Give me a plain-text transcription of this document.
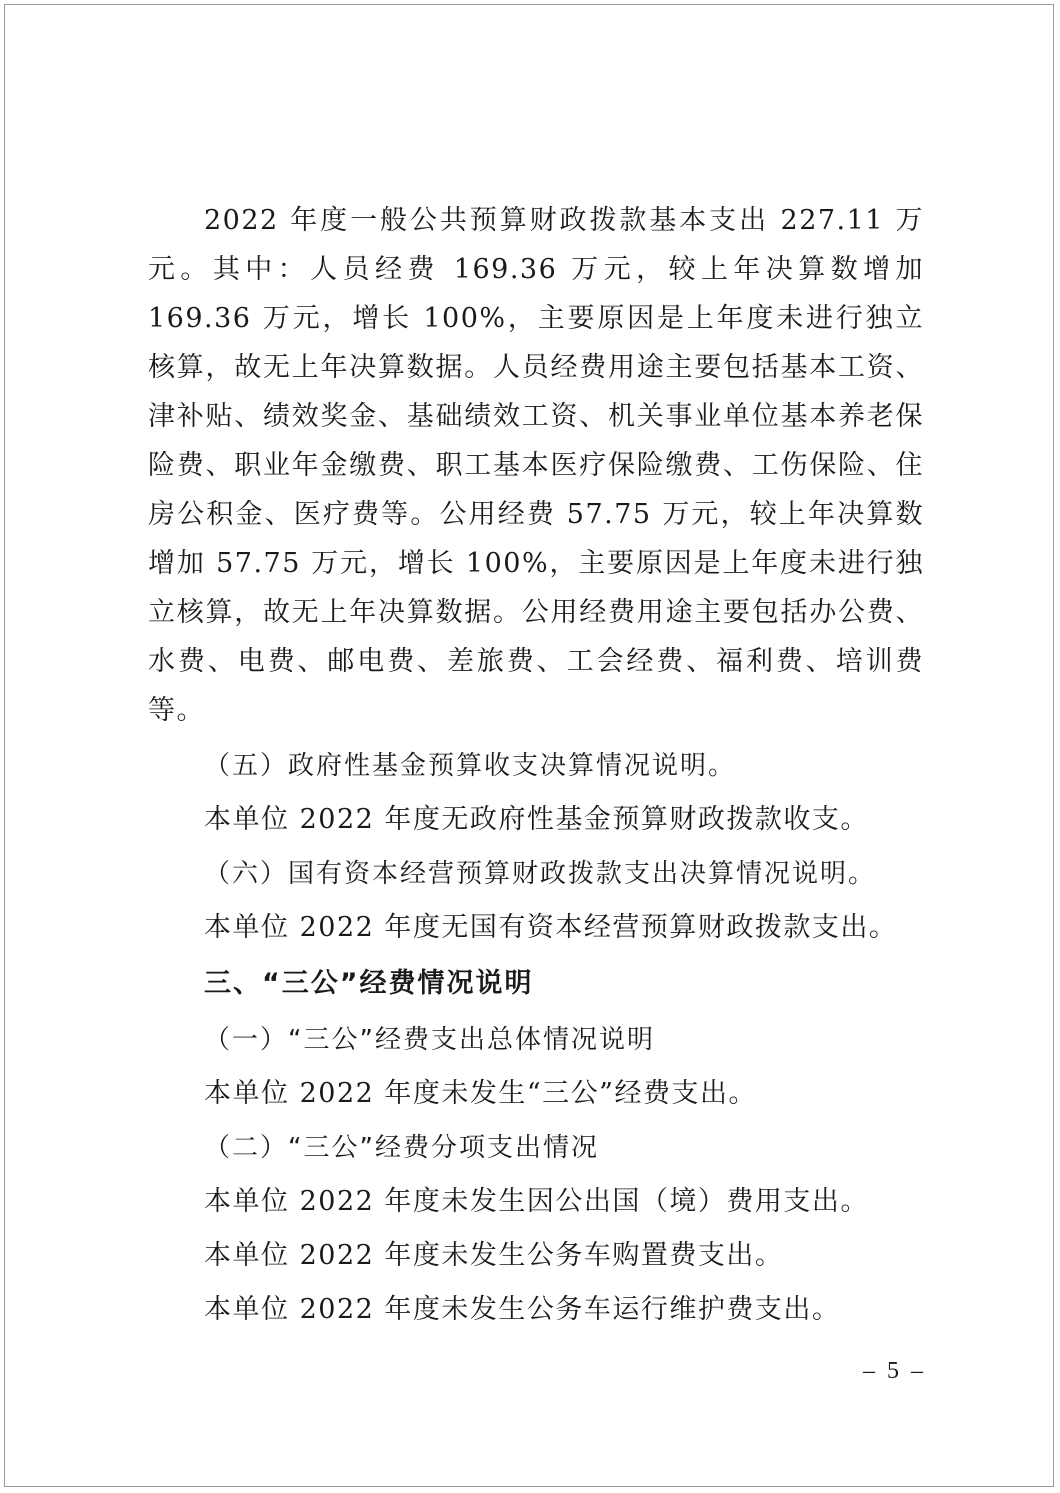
2022 年度一般公共预算财政拨款基本支出 227.11 万元。其中：人员经费 169.36 万元，较上年决算数增加 169.36 万元，增长 100%，主要原因是上年度未进行独立核算，故无上年决算数据。人员经费用途主要包括基本工资、津补贴、绩效奖金、基础绩效工资、机关事业单位基本养老保险费、职业年金缴费、职工基本医疗保险缴费、工伤保险、住房公积金、医疗费等。公用经费 57.75 万元，较上年决算数增加 57.75 万元，增长 100%，主要原因是上年度未进行独立核算，故无上年决算数据。公用经费用途主要包括办公费、水费、电费、邮电费、差旅费、工会经费、福利费、培训费等。

（五）政府性基金预算收支决算情况说明。

本单位 2022 年度无政府性基金预算财政拨款收支。

（六）国有资本经营预算财政拨款支出决算情况说明。

本单位 2022 年度无国有资本经营预算财政拨款支出。

三、“三公”经费情况说明

（一）“三公”经费支出总体情况说明

本单位 2022 年度未发生“三公”经费支出。

（二）“三公”经费分项支出情况

本单位 2022 年度未发生因公出国（境）费用支出。

本单位 2022 年度未发生公务车购置费支出。

本单位 2022 年度未发生公务车运行维护费支出。

– 5 –
